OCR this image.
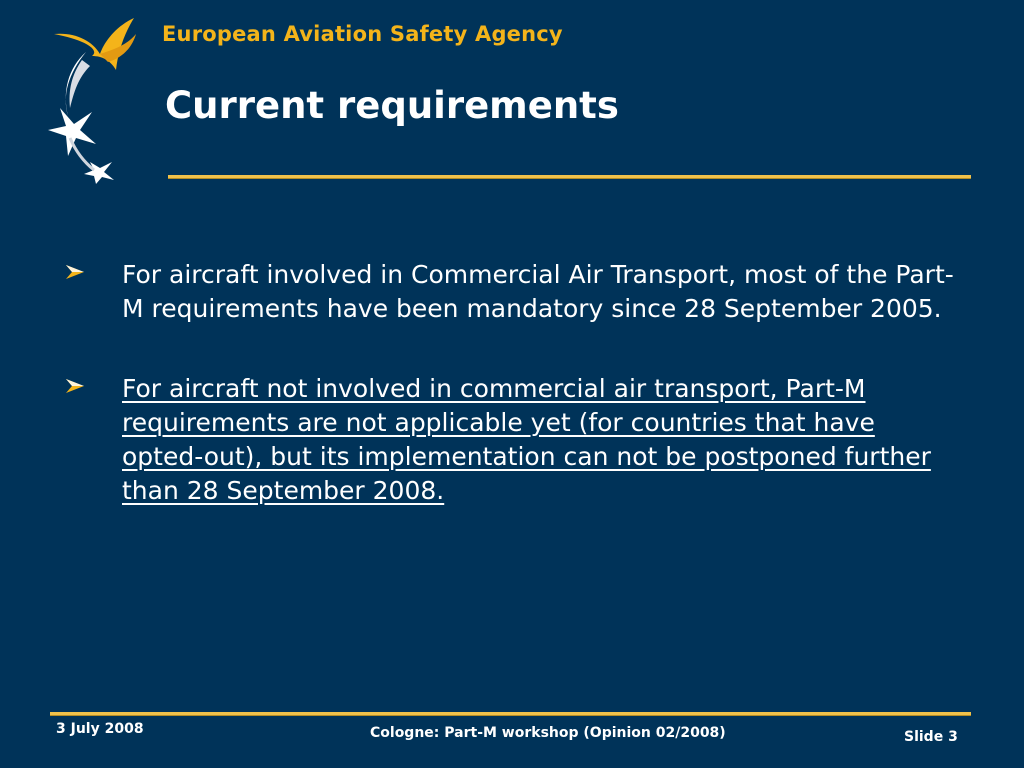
European Aviation Safety Agency
Current requirements
For aircraft involved in Commercial Air Transport, most of the Part-M requirements have been mandatory since 28 September 2005.
For aircraft not involved in commercial air transport, Part-M requirements are not applicable yet (for countries that have opted-out), but its implementation can not be postponed further than 28 September 2008.
3 July 2008	Cologne: Part-M workshop (Opinion 02/2008)	Slide 3
